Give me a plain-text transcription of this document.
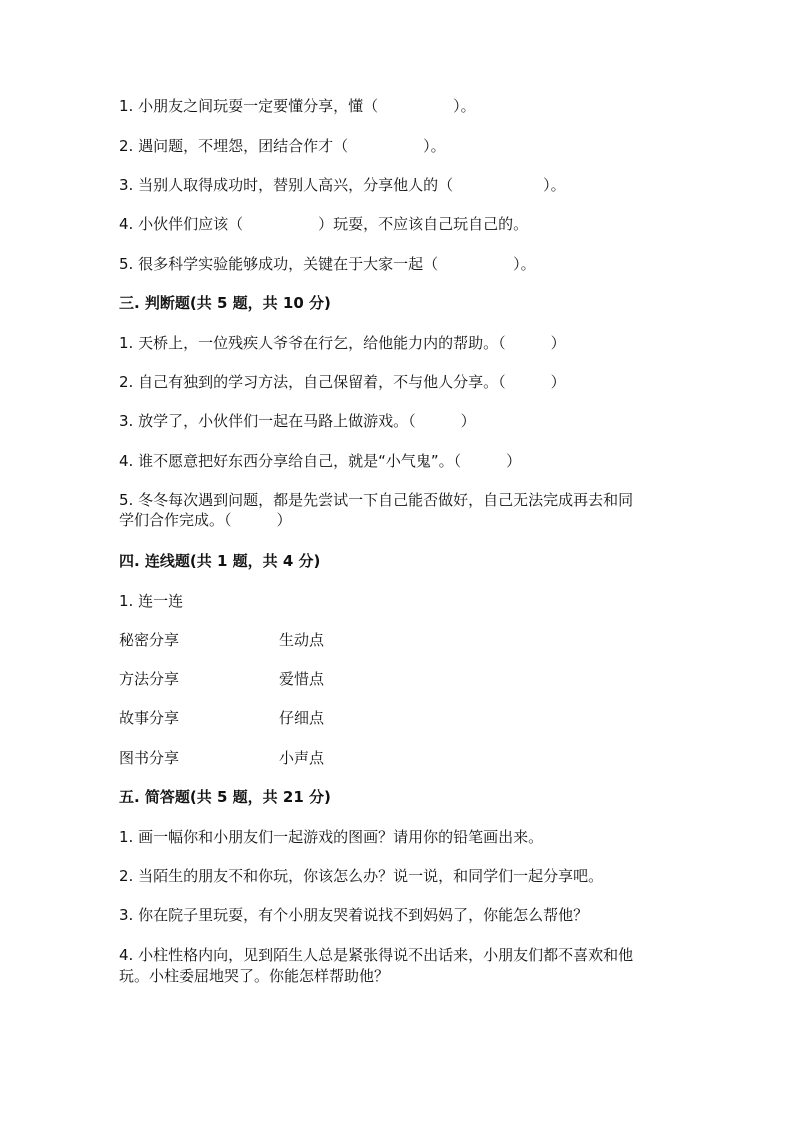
1. 小朋友之间玩耍一定要懂分享，懂（　　　　　）。
2. 遇问题，不埋怨，团结合作才（　　　　　）。
3. 当别人取得成功时，替别人高兴，分享他人的（　　　　　　）。
4. 小伙伴们应该（　　　　　）玩耍，不应该自己玩自己的。
5. 很多科学实验能够成功，关键在于大家一起（　　　　　）。
三. 判断题(共 5 题，共 10 分)
1. 天桥上，一位残疾人爷爷在行乞，给他能力内的帮助。（　　　）
2. 自己有独到的学习方法，自己保留着，不与他人分享。（　　　）
3. 放学了，小伙伴们一起在马路上做游戏。（　　　）
4. 谁不愿意把好东西分享给自己，就是“小气鬼”。（　　　）
5. 冬冬每次遇到问题，都是先尝试一下自己能否做好，自己无法完成再去和同
学们合作完成。（　　　）
四. 连线题(共 1 题，共 4 分)
1. 连一连
秘密分享	生动点
方法分享	爱惜点
故事分享	仔细点
图书分享	小声点
五. 简答题(共 5 题，共 21 分)
1. 画一幅你和小朋友们一起游戏的图画？请用你的铅笔画出来。
2. 当陌生的朋友不和你玩，你该怎么办？说一说，和同学们一起分享吧。
3. 你在院子里玩耍，有个小朋友哭着说找不到妈妈了，你能怎么帮他？
4. 小柱性格内向，见到陌生人总是紧张得说不出话来，小朋友们都不喜欢和他
玩。小柱委屈地哭了。你能怎样帮助他？
